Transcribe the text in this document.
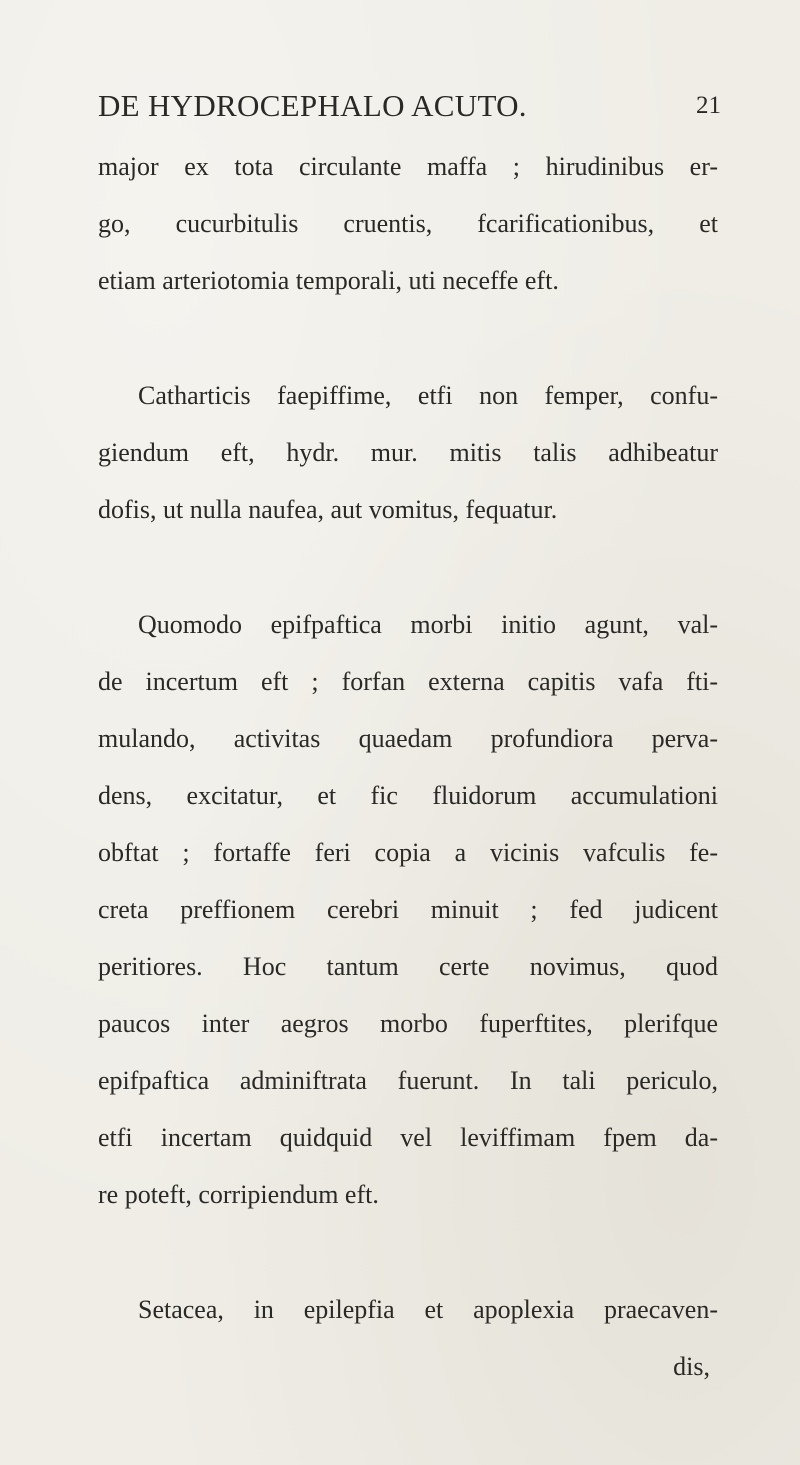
DE HYDROCEPHALO ACUTO.	21
major ex tota circulante maffa ; hirudinibus er-
go, cucurbitulis cruentis, fcarificationibus, et
etiam arteriotomia temporali, uti neceffe eft.
Catharticis faepiffime, etfi non femper, confu-
giendum eft, hydr. mur. mitis talis adhibeatur
dofis, ut nulla naufea, aut vomitus, fequatur.
Quomodo epifpaftica morbi initio agunt, val-
de incertum eft ; forfan externa capitis vafa fti-
mulando, activitas quaedam profundiora perva-
dens, excitatur, et fic fluidorum accumulationi
obftat ; fortaffe feri copia a vicinis vafculis fe-
creta preffionem cerebri minuit ; fed judicent
peritiores. Hoc tantum certe novimus, quod
paucos inter aegros morbo fuperftites, plerifque
epifpaftica adminiftrata fuerunt. In tali periculo,
etfi incertam quidquid vel leviffimam fpem da-
re poteft, corripiendum eft.
Setacea, in epilepfia et apoplexia praecaven-
dis,
